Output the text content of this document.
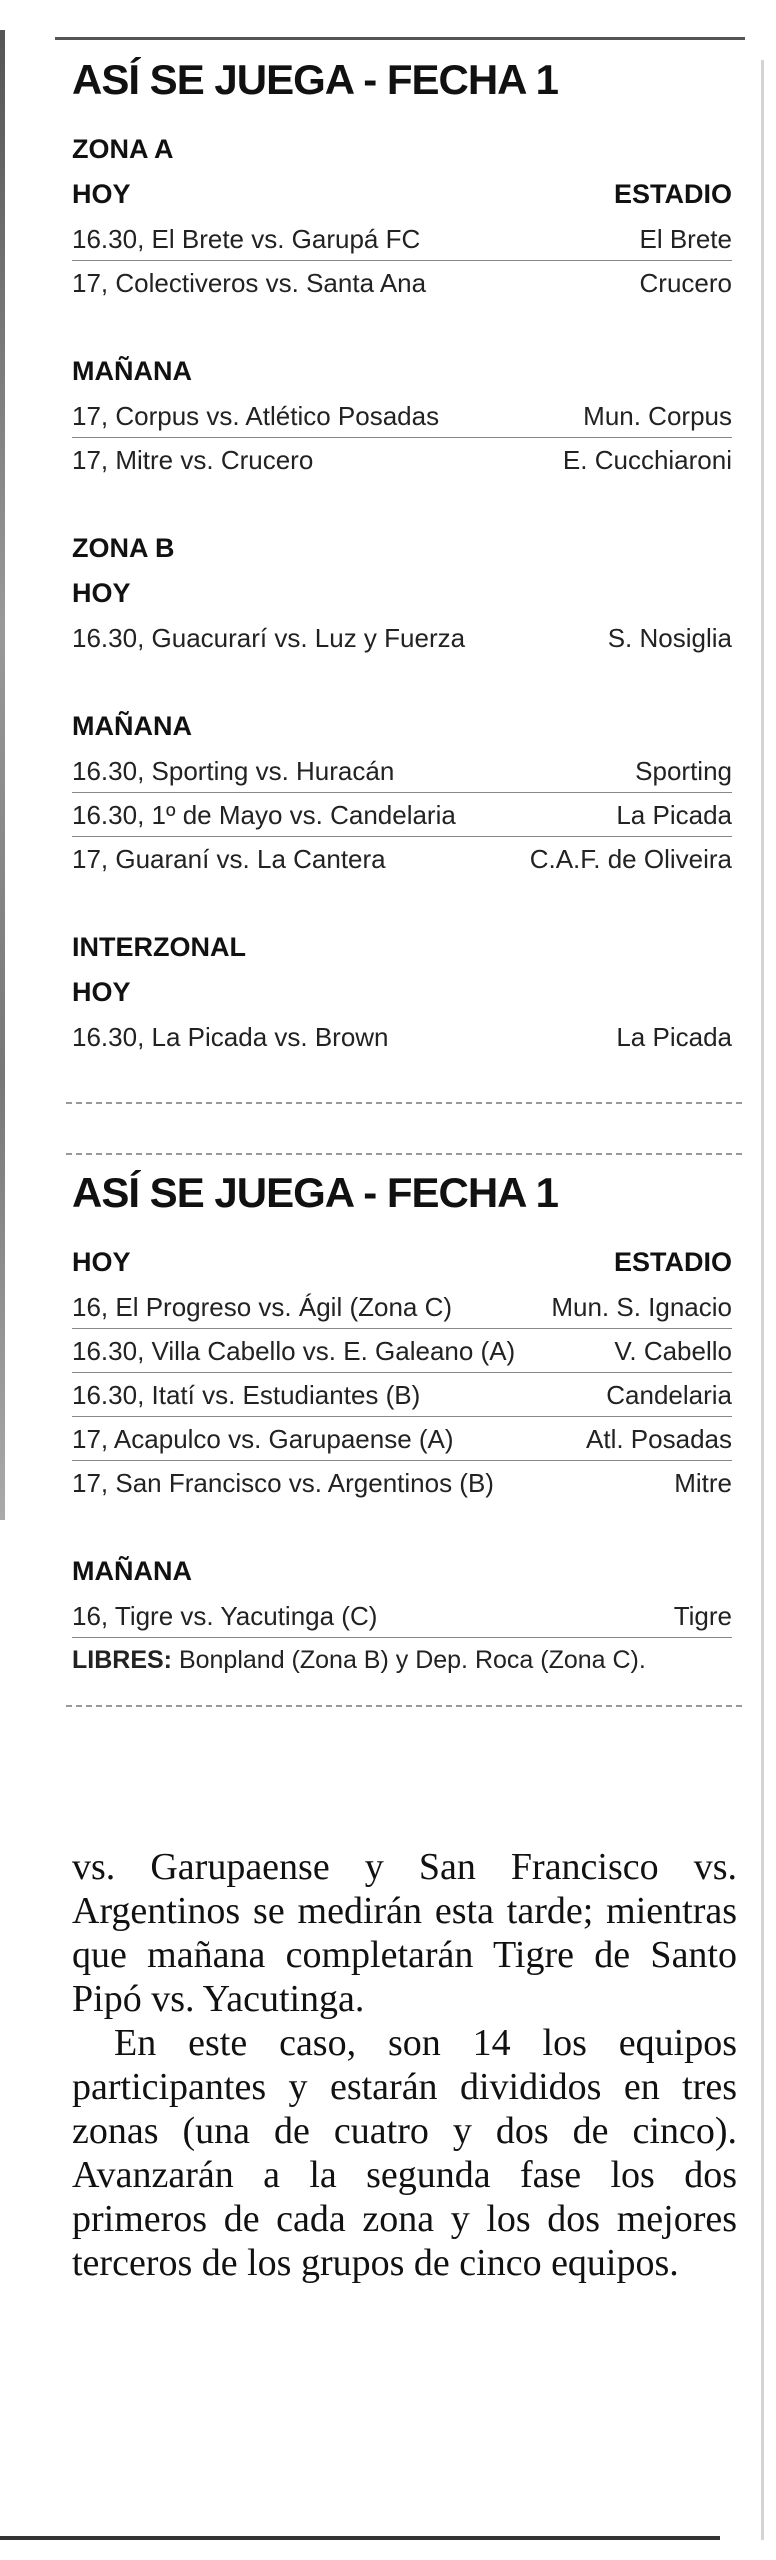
ASÍ SE JUEGA - FECHA 1
ZONA A
HOY	ESTADIO
16.30, El Brete vs. Garupá FC	El Brete
17, Colectiveros vs. Santa Ana	Crucero
MAÑANA
17, Corpus vs. Atlético Posadas	Mun. Corpus
17, Mitre vs. Crucero	E. Cucchiaroni
ZONA B
HOY
16.30, Guacurarí vs. Luz y Fuerza	S. Nosiglia
MAÑANA
16.30, Sporting vs. Huracán	Sporting
16.30, 1º de Mayo vs. Candelaria	La Picada
17, Guaraní vs. La Cantera	C.A.F. de Oliveira
INTERZONAL
HOY
16.30, La Picada vs. Brown	La Picada
ASÍ SE JUEGA - FECHA 1
HOY	ESTADIO
16, El Progreso vs. Ágil (Zona C)	Mun. S. Ignacio
16.30, Villa Cabello vs. E. Galeano (A)	V. Cabello
16.30, Itatí vs. Estudiantes (B)	Candelaria
17, Acapulco vs. Garupaense (A)	Atl. Posadas
17, San Francisco vs. Argentinos (B)	Mitre
MAÑANA
16, Tigre vs. Yacutinga (C)	Tigre
LIBRES: Bonpland (Zona B) y Dep. Roca (Zona C).

vs. Garupaense y San Francisco vs. Argentinos se medirán esta tarde; mientras que mañana completarán Tigre de Santo Pipó vs. Yacutinga.

En este caso, son 14 los equipos participantes y estarán divididos en tres zonas (una de cuatro y dos de cinco). Avanzarán a la segunda fase los dos primeros de cada zona y los dos mejores terceros de los grupos de cinco equipos.
